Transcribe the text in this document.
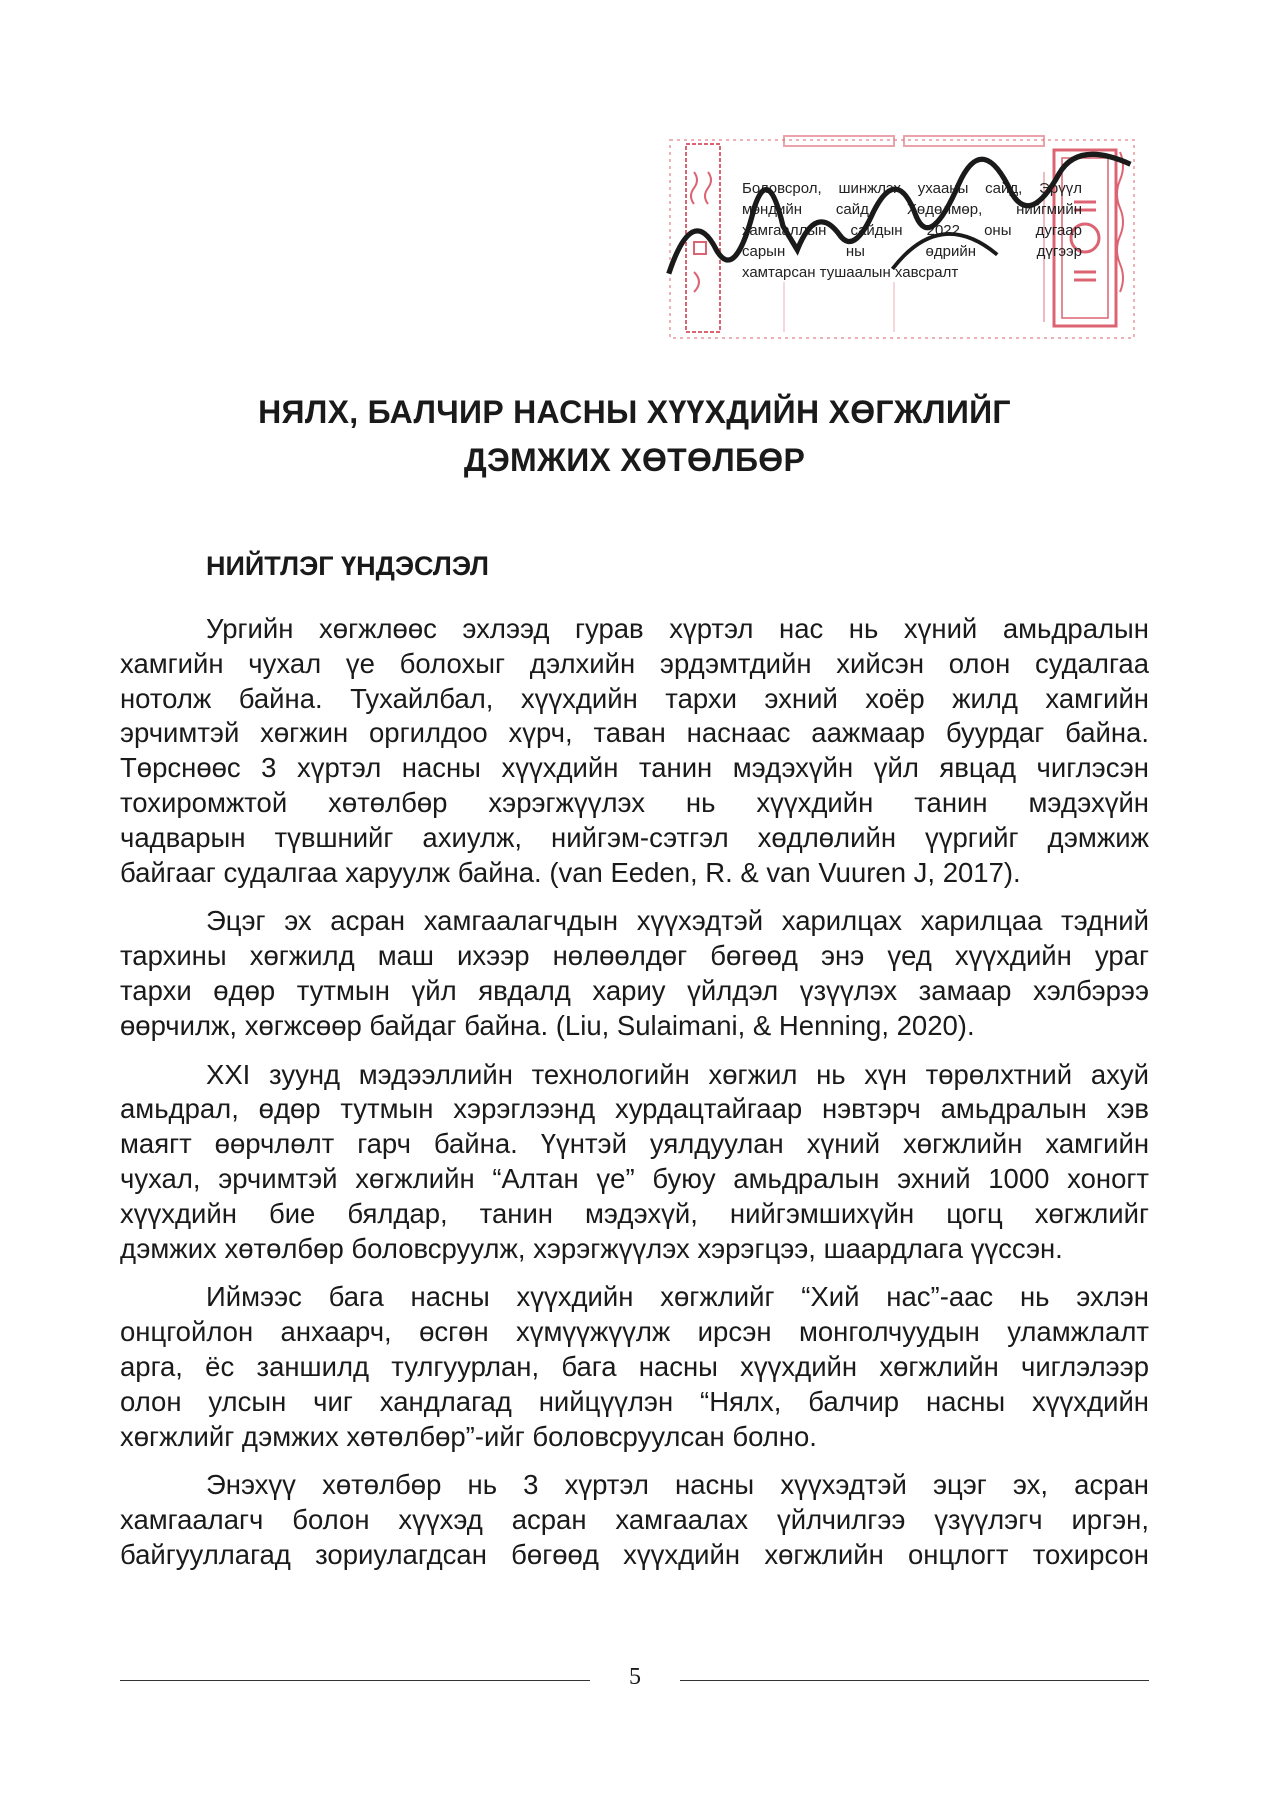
Боловсрол, шинжлэх ухааны сайд, Эрүүл
мэндийн сайд, Хөдөлмөр, нийгмийн
хамгааллын сайдын 2022 оны дугаар
сарын ны өдрийн дүгээр
хамтарсан тушаалын хавсралт
НЯЛХ, БАЛЧИР НАСНЫ ХҮҮХДИЙН ХӨГЖЛИЙГ
ДЭМЖИХ ХӨТӨЛБӨР
НИЙТЛЭГ ҮНДЭСЛЭЛ
Ургийн хөгжлөөс эхлээд гурав хүртэл нас нь хүний амьдралын
хамгийн чухал үе болохыг дэлхийн эрдэмтдийн хийсэн олон судалгаа
нотолж байна. Тухайлбал, хүүхдийн тархи эхний хоёр жилд хамгийн
эрчимтэй хөгжин оргилдоо хүрч, таван наснаас аажмаар буурдаг байна.
Төрснөөс 3 хүртэл насны хүүхдийн танин мэдэхүйн үйл явцад чиглэсэн
тохиромжтой хөтөлбөр хэрэгжүүлэх нь хүүхдийн танин мэдэхүйн
чадварын түвшнийг ахиулж, нийгэм-сэтгэл хөдлөлийн үүргийг дэмжиж
байгааг судалгаа харуулж байна. (van Eeden, R. & van Vuuren J, 2017).
Эцэг эх асран хамгаалагчдын хүүхэдтэй харилцах харилцаа тэдний
тархины хөгжилд маш ихээр нөлөөлдөг бөгөөд энэ үед хүүхдийн ураг
тархи өдөр тутмын үйл явдалд хариу үйлдэл үзүүлэх замаар хэлбэрээ
өөрчилж, хөгжсөөр байдаг байна. (Liu, Sulaimani, & Henning, 2020).
XXI зуунд мэдээллийн технологийн хөгжил нь хүн төрөлхтний ахуй
амьдрал, өдөр тутмын хэрэглээнд хурдацтайгаар нэвтэрч амьдралын хэв
маягт өөрчлөлт гарч байна. Үүнтэй уялдуулан хүний хөгжлийн хамгийн
чухал, эрчимтэй хөгжлийн “Алтан үе” буюу амьдралын эхний 1000 хоногт
хүүхдийн бие бялдар, танин мэдэхүй, нийгэмшихүйн цогц хөгжлийг
дэмжих хөтөлбөр боловсруулж, хэрэгжүүлэх хэрэгцээ, шаардлага үүссэн.
Иймээс бага насны хүүхдийн хөгжлийг “Хий нас”-аас нь эхлэн
онцгойлон анхаарч, өсгөн хүмүүжүүлж ирсэн монголчуудын уламжлалт
арга, ёс заншилд тулгуурлан, бага насны хүүхдийн хөгжлийн чиглэлээр
олон улсын чиг хандлагад нийцүүлэн “Нялх, балчир насны хүүхдийн
хөгжлийг дэмжих хөтөлбөр”-ийг боловсруулсан болно.
Энэхүү хөтөлбөр нь 3 хүртэл насны хүүхэдтэй эцэг эх, асран
хамгаалагч болон хүүхэд асран хамгаалах үйлчилгээ үзүүлэгч иргэн,
байгууллагад зориулагдсан бөгөөд хүүхдийн хөгжлийн онцлогт тохирсон
5
